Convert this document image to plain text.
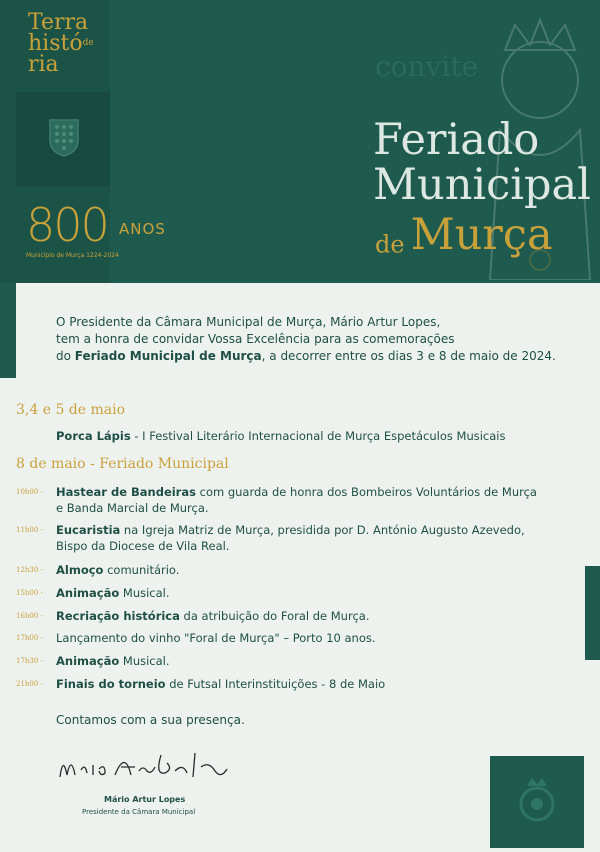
Terra
histó$^{de}$
ria
800 ANOS
Município de Murça 1224-2024
convite
Feriado
Municipal
de Murça
O Presidente da Câmara Municipal de Murça, Mário Artur Lopes,
tem a honra de convidar Vossa Excelência para as comemorações
do Feriado Municipal de Murça, a decorrer entre os dias 3 e 8 de maio de 2024.
3,4 e 5 de maio
Porca Lápis - I Festival Literário Internacional de Murça Espetáculos Musicais
8 de maio - Feriado Municipal
10h00 - Hastear de Bandeiras com guarda de honra dos Bombeiros Voluntários de Murça
e Banda Marcial de Murça.
11h00 - Eucaristia na Igreja Matriz de Murça, presidida por D. António Augusto Azevedo,
Bispo da Diocese de Vila Real.
12h30 - Almoço comunitário.
15h00 - Animação Musical.
16h00 - Recriação histórica da atribuição do Foral de Murça.
17h00 - Lançamento do vinho "Foral de Murça" – Porto 10 anos.
17h30 - Animação Musical.
21h00 - Finais do torneio de Futsal Interinstituições - 8 de Maio
Contamos com a sua presença.
Mário Artur Lopes
Presidente da Câmara Municipal
